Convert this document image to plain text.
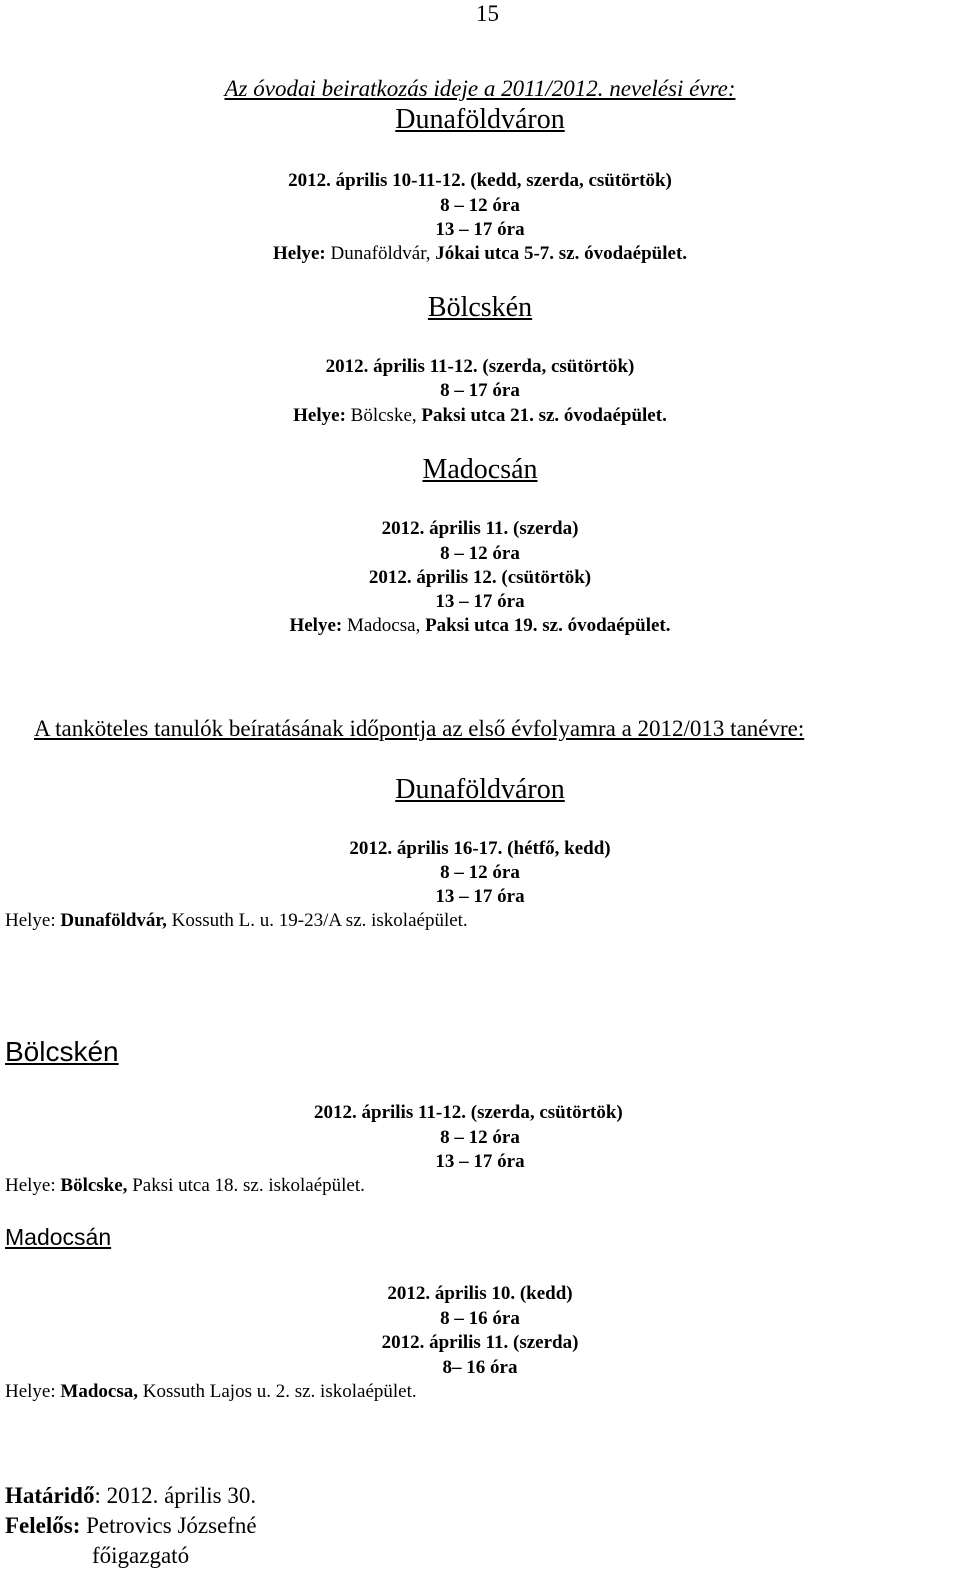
15
Az óvodai beiratkozás ideje a 2011/2012. nevelési évre:
Dunaföldváron
2012. április 10-11-12. (kedd, szerda, csütörtök)
8 – 12 óra
13 – 17 óra
Helye: Dunaföldvár, Jókai utca 5-7. sz. óvodaépület.
Bölcskén
2012. április 11-12. (szerda, csütörtök)
8 – 17 óra
Helye: Bölcske, Paksi utca 21. sz. óvodaépület.
Madocsán
2012. április 11. (szerda)
8 – 12 óra
2012. április 12. (csütörtök)
13 – 17 óra
Helye: Madocsa, Paksi utca 19. sz. óvodaépület.
A tanköteles tanulók beíratásának időpontja az első évfolyamra a 2012/013 tanévre:
Dunaföldváron
2012. április 16-17. (hétfő, kedd)
8 – 12 óra
13 – 17 óra
Helye: Dunaföldvár, Kossuth L. u. 19-23/A sz. iskolaépület.
Bölcskén
2012. április 11-12. (szerda, csütörtök)
8 – 12 óra
13 – 17 óra
Helye: Bölcske, Paksi utca 18. sz. iskolaépület.
Madocsán
2012. április 10. (kedd)
8 – 16 óra
2012. április 11. (szerda)
8– 16 óra
Helye: Madocsa, Kossuth Lajos u. 2. sz. iskolaépület.
Határidő: 2012. április 30.
Felelős: Petrovics Józsefné
főigazgató
